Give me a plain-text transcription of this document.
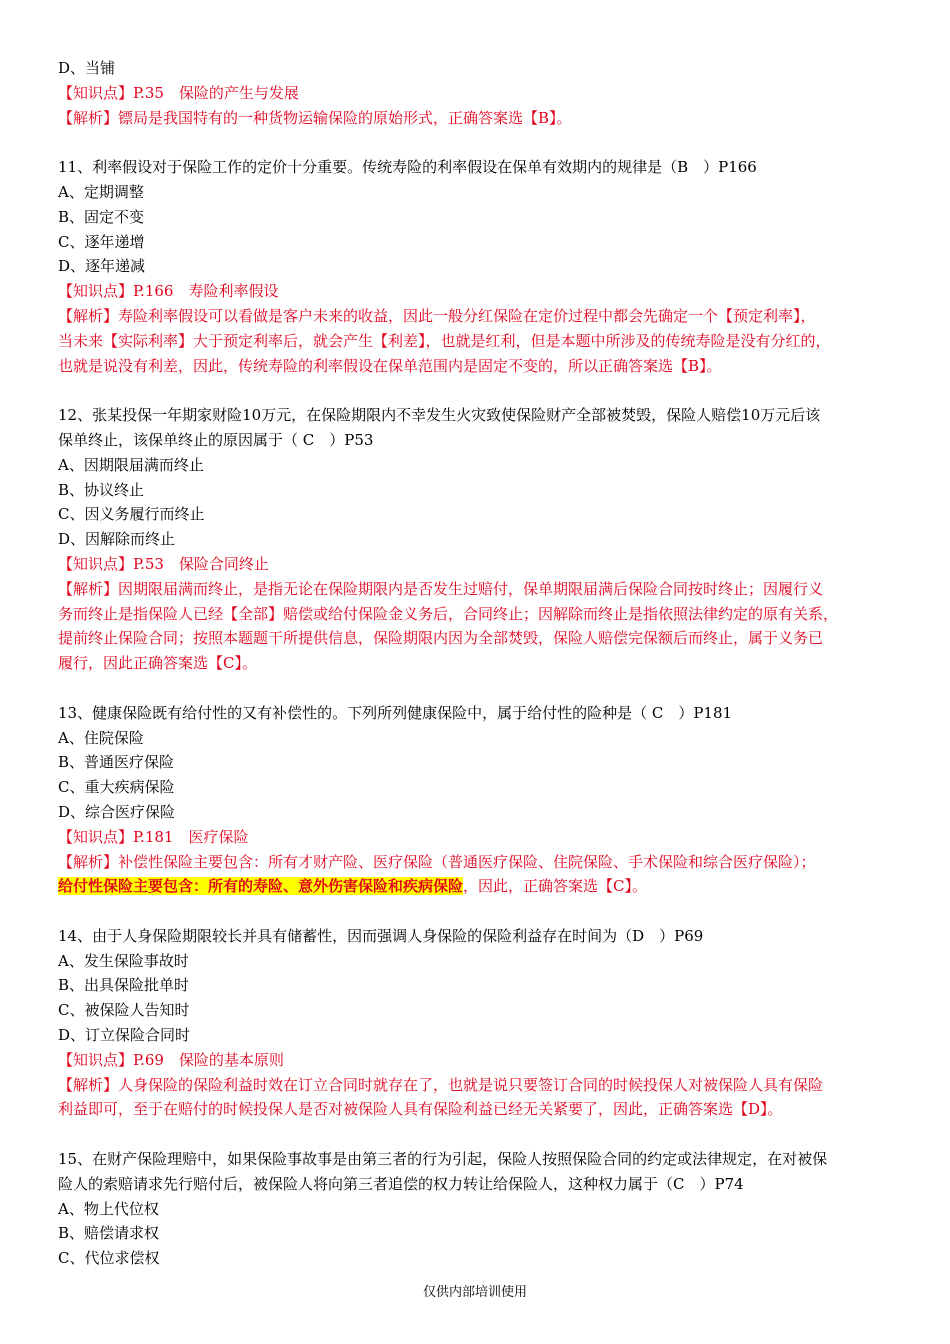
D、当铺
【知识点】P.35　保险的产生与发展
【解析】镖局是我国特有的一种货物运输保险的原始形式，正确答案选【B】。
11、利率假设对于保险工作的定价十分重要。传统寿险的利率假设在保单有效期内的规律是（B　）P166
A、定期调整
B、固定不变
C、逐年递增
D、逐年递减
【知识点】P.166　寿险利率假设
【解析】寿险利率假设可以看做是客户未来的收益，因此一般分红保险在定价过程中都会先确定一个【预定利率】，
当未来【实际利率】大于预定利率后，就会产生【利差】，也就是红利，但是本题中所涉及的传统寿险是没有分红的，
也就是说没有利差，因此，传统寿险的利率假设在保单范围内是固定不变的，所以正确答案选【B】。
12、张某投保一年期家财险10万元，在保险期限内不幸发生火灾致使保险财产全部被焚毁，保险人赔偿10万元后该
保单终止，该保单终止的原因属于（ C　）P53
A、因期限届满而终止
B、协议终止
C、因义务履行而终止
D、因解除而终止
【知识点】P.53　保险合同终止
【解析】因期限届满而终止，是指无论在保险期限内是否发生过赔付，保单期限届满后保险合同按时终止；因履行义
务而终止是指保险人已经【全部】赔偿或给付保险金义务后，合同终止；因解除而终止是指依照法律约定的原有关系，
提前终止保险合同；按照本题题干所提供信息，保险期限内因为全部焚毁，保险人赔偿完保额后而终止，属于义务已
履行，因此正确答案选【C】。
13、健康保险既有给付性的又有补偿性的。下列所列健康保险中，属于给付性的险种是（ C　）P181
A、住院保险
B、普通医疗保险
C、重大疾病保险
D、综合医疗保险
【知识点】P.181　医疗保险
【解析】补偿性保险主要包含：所有才财产险、医疗保险（普通医疗保险、住院保险、手术保险和综合医疗保险）；
给付性保险主要包含：所有的寿险、意外伤害保险和疾病保险，因此，正确答案选【C】。
14、由于人身保险期限较长并具有储蓄性，因而强调人身保险的保险利益存在时间为（D　）P69
A、发生保险事故时
B、出具保险批单时
C、被保险人告知时
D、订立保险合同时
【知识点】P.69　保险的基本原则
【解析】人身保险的保险利益时效在订立合同时就存在了，也就是说只要签订合同的时候投保人对被保险人具有保险
利益即可，至于在赔付的时候投保人是否对被保险人具有保险利益已经无关紧要了，因此，正确答案选【D】。
15、在财产保险理赔中，如果保险事故事是由第三者的行为引起，保险人按照保险合同的约定或法律规定，在对被保
险人的索赔请求先行赔付后，被保险人将向第三者追偿的权力转让给保险人，这种权力属于（C　）P74
A、物上代位权
B、赔偿请求权
C、代位求偿权
仅供内部培训使用
